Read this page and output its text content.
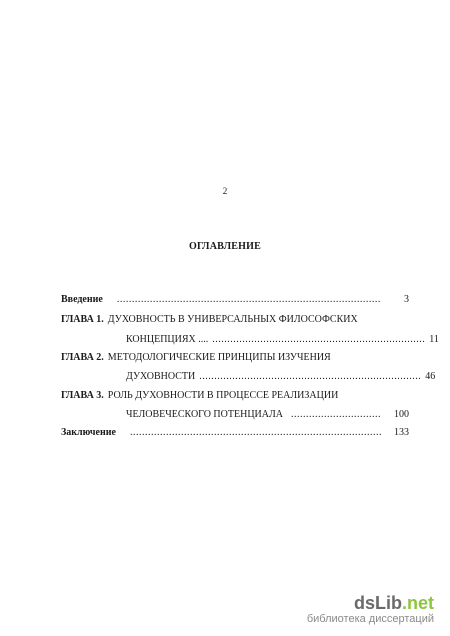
2
ОГЛАВЛЕНИЕ
Введение ........................................................................................	3
ГЛАВА 1. ДУХОВНОСТЬ В УНИВЕРСАЛЬНЫХ ФИЛОСОФСКИХ
КОНЦЕПЦИЯХ .... ....................................................................... 11
ГЛАВА 2. МЕТОДОЛОГИЧЕСКИЕ ПРИНЦИПЫ ИЗУЧЕНИЯ
ДУХОВНОСТИ .......................................................................... 46
ГЛАВА 3. РОЛЬ ДУХОВНОСТИ В ПРОЦЕССЕ РЕАЛИЗАЦИИ
ЧЕЛОВЕЧЕСКОГО ПОТЕНЦИАЛА ..............................	100
Заключение ....................................................................................	133
dsLib.net
библиотека диссертаций
